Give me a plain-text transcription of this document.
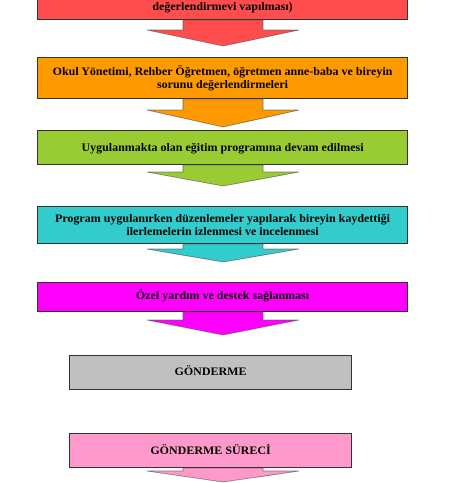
değerlendirmevi vapılması)
Okul Yönetimi, Rehber Öğretmen, öğretmen anne-baba ve bireyin sorunu değerlendirmeleri
Uygulanmakta olan eğitim programına devam edilmesi
Program uygulanırken düzenlemeler yapılarak bireyin kaydettiği ilerlemelerin izlenmesi ve incelenmesi
Özel yardım ve destek sağlanması
GÖNDERME
GÖNDERME SÜRECİ
